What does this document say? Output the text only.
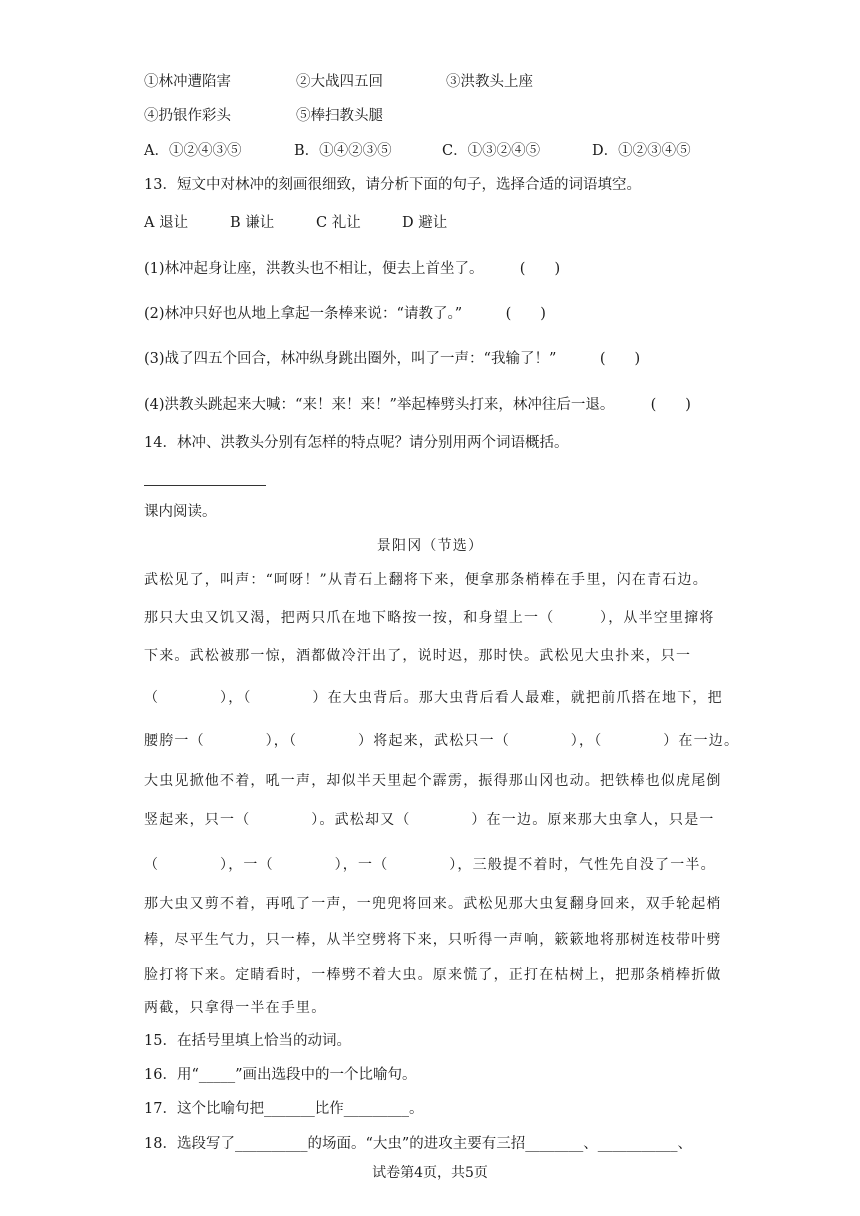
①林冲遭陷害	②大战四五回	③洪教头上座
④扔银作彩头	⑤棒扫教头腿
A．①②④③⑤	B．①④②③⑤	C．①③②④⑤	D．①②③④⑤
13．短文中对林冲的刻画很细致，请分析下面的句子，选择合适的词语填空。
A 退让	B 谦让	C 礼让	D 避让
(1)林冲起身让座，洪教头也不相让，便去上首坐了。　　　(　　)
(2)林冲只好也从地上拿起一条棒来说：“请教了。”　　　(　　)
(3)战了四五个回合，林冲纵身跳出圈外，叫了一声：“我输了！”　　　(　　)
(4)洪教头跳起来大喊：“来！来！来！”举起棒劈头打来，林冲往后一退。　　　(　　)
14．林冲、洪教头分别有怎样的特点呢？请分别用两个词语概括。
课内阅读。
景阳冈（节选）
武松见了，叫声：“呵呀！”从青石上翻将下来，便拿那条梢棒在手里，闪在青石边。
那只大虫又饥又渴，把两只爪在地下略按一按，和身望上一（　　　），从半空里撺将
下来。武松被那一惊，酒都做冷汗出了，说时迟，那时快。武松见大虫扑来，只一
（　　　　），（　　　　）在大虫背后。那大虫背后看人最难，就把前爪搭在地下，把
腰胯一（　　　　），（　　　　）将起来，武松只一（　　　　），（　　　　）在一边。
大虫见掀他不着，吼一声，却似半天里起个霹雳，振得那山冈也动。把铁棒也似虎尾倒
竖起来，只一（　　　　）。武松却又（　　　　）在一边。原来那大虫拿人，只是一
（　　　　），一（　　　　），一（　　　　），三般提不着时，气性先自没了一半。
那大虫又剪不着，再吼了一声，一兜兜将回来。武松见那大虫复翻身回来，双手轮起梢
棒，尽平生气力，只一棒，从半空劈将下来，只听得一声响，簌簌地将那树连枝带叶劈
脸打将下来。定睛看时，一棒劈不着大虫。原来慌了，正打在枯树上，把那条梢棒折做
两截，只拿得一半在手里。
15．在括号里填上恰当的动词。
16．用“_____”画出选段中的一个比喻句。
17．这个比喻句把_______比作_________。
18．选段写了__________的场面。“大虫”的进攻主要有三招________、___________、
试卷第4页，共5页
